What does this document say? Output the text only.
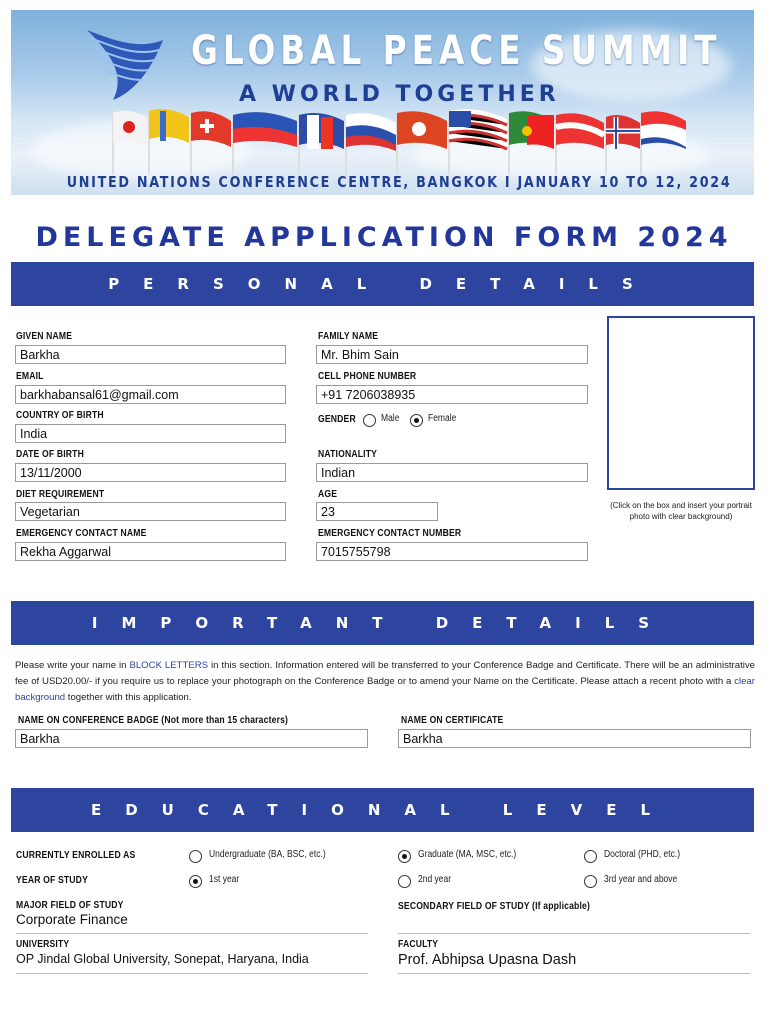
GLOBAL PEACE SUMMIT
A WORLD TOGETHER
UNITED NATIONS CONFERENCE CENTRE, BANGKOK I JANUARY 10 TO 12, 2024
DELEGATE APPLICATION FORM 2024
PERSONAL DETAILS
GIVEN NAME
Barkha
FAMILY NAME
Mr. Bhim Sain
EMAIL
barkhabansal61@gmail.com
CELL PHONE NUMBER
+91 7206038935
COUNTRY OF BIRTH
India
GENDER	Male	Female
DATE OF BIRTH
13/11/2000
NATIONALITY
Indian
DIET REQUIREMENT
Vegetarian
AGE
23
EMERGENCY CONTACT NAME
Rekha Aggarwal
EMERGENCY CONTACT NUMBER
7015755798
(Click on the box and insert your portrait photo with clear background)
IMPORTANT DETAILS
Please write your name in BLOCK LETTERS in this section. Information entered will be transferred to your Conference Badge and Certificate. There will be an administrative fee of USD20.00/- if you require us to replace your photograph on the Conference Badge or to amend your Name on the Certificate. Please attach a recent photo with a clear background together with this application.
NAME ON CONFERENCE BADGE (Not more than 15 characters)
Barkha
NAME ON CERTIFICATE
Barkha
EDUCATIONAL LEVEL
CURRENTLY ENROLLED AS	Undergraduate (BA, BSC, etc.)	Graduate (MA, MSC, etc.)	Doctoral (PHD, etc.)
YEAR OF STUDY	1st year	2nd year	3rd year and above
MAJOR FIELD OF STUDY
Corporate Finance
SECONDARY FIELD OF STUDY (If applicable)
UNIVERSITY
OP Jindal Global University, Sonepat, Haryana, India
FACULTY
Prof. Abhipsa Upasna Dash
